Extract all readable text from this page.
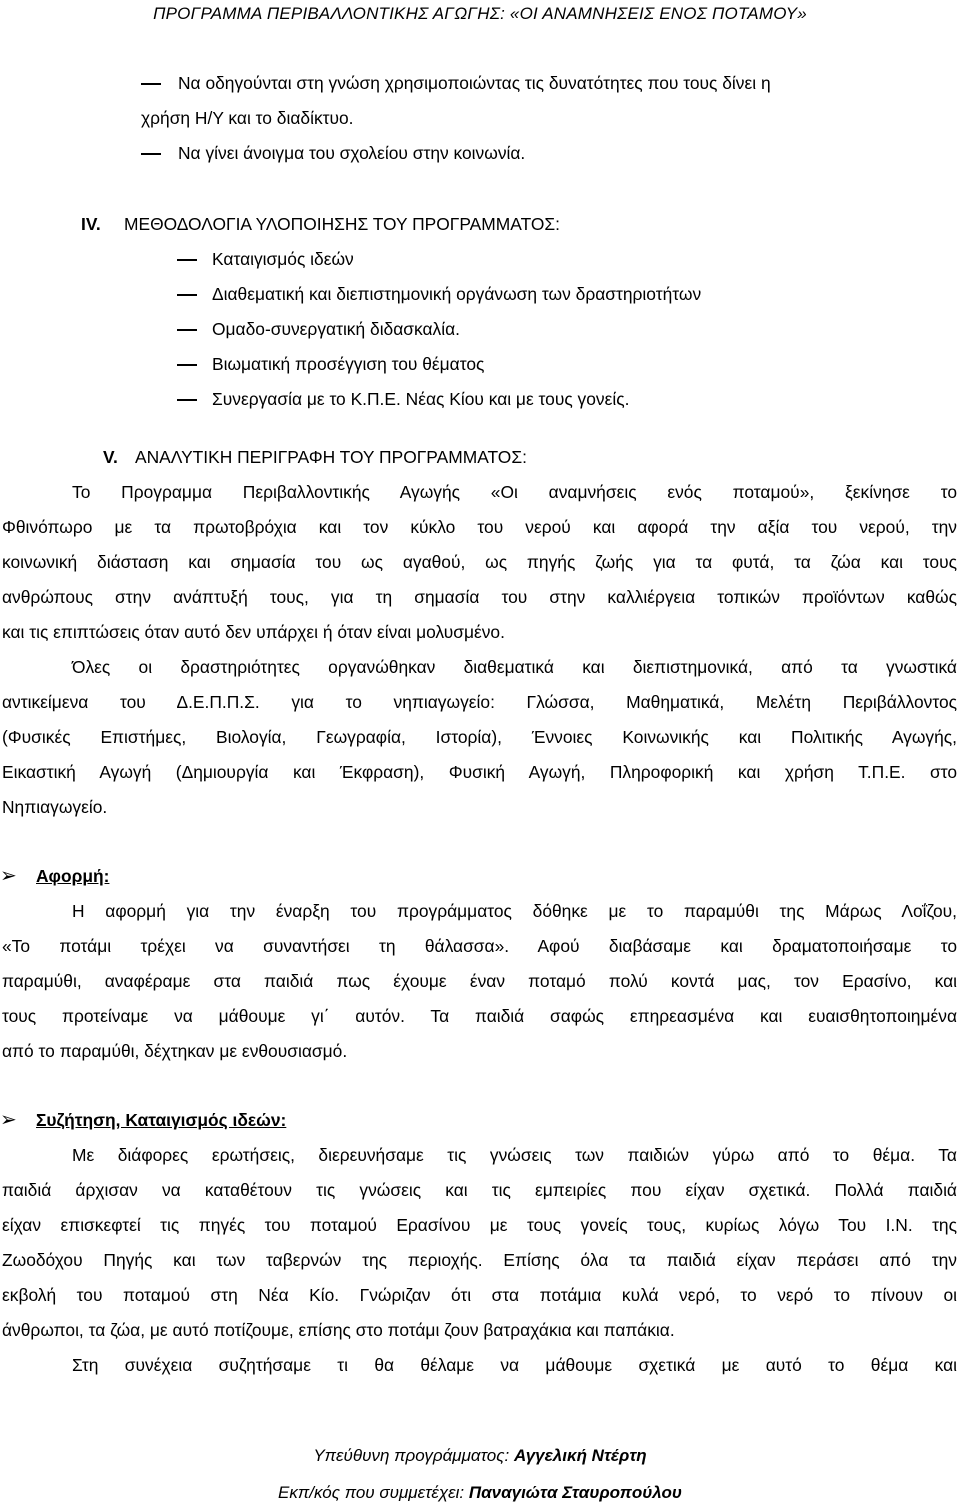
ΠΡΟΓΡΑΜΜΑ ΠΕΡΙΒΑΛΛΟΝΤΙΚΗΣ ΑΓΩΓΗΣ: «ΟΙ ΑΝΑΜΝΗΣΕΙΣ ΕΝΟΣ ΠΟΤΑΜΟΥ»
Να οδηγούνται στη γνώση χρησιμοποιώντας τις δυνατότητες που τους δίνει η
χρήση Η/Υ και το διαδίκτυο.
Να γίνει άνοιγμα του σχολείου στην κοινωνία.
IV. ΜΕΘΟΔΟΛΟΓΙΑ ΥΛΟΠΟΙΗΣΗΣ ΤΟΥ ΠΡΟΓΡΑΜΜΑΤΟΣ:
Καταιγισμός ιδεών
Διαθεματική και διεπιστημονική οργάνωση των δραστηριοτήτων
Ομαδο-συνεργατική διδασκαλία.
Βιωματική προσέγγιση του θέματος
Συνεργασία με το Κ.Π.Ε. Νέας Κίου και με τους γονείς.
V. ΑΝΑΛΥΤΙΚΗ ΠΕΡΙΓΡΑΦΗ ΤΟΥ ΠΡΟΓΡΑΜΜΑΤΟΣ:
Το Προγραμμα Περιβαλλοντικής Αγωγής «Οι αναμνήσεις ενός ποταμού», ξεκίνησε το
Φθινόπωρο με τα πρωτοβρόχια και τον κύκλο του νερού και αφορά την αξία του νερού, την
κοινωνική διάσταση και σημασία του ως αγαθού, ως πηγής ζωής για τα φυτά, τα ζώα και τους
ανθρώπους στην ανάπτυξή τους, για τη σημασία του στην καλλιέργεια τοπικών προϊόντων καθώς
και τις επιπτώσεις όταν αυτό δεν υπάρχει ή όταν είναι μολυσμένο.
Όλες οι δραστηριότητες οργανώθηκαν διαθεματικά και διεπιστημονικά, από τα γνωστικά
αντικείμενα του Δ.Ε.Π.Π.Σ. για το νηπιαγωγείο: Γλώσσα, Μαθηματικά, Μελέτη Περιβάλλοντος
(Φυσικές Επιστήμες, Βιολογία, Γεωγραφία, Ιστορία), Έννοιες Κοινωνικής και Πολιτικής Αγωγής,
Εικαστική Αγωγή (Δημιουργία και Έκφραση), Φυσική Αγωγή, Πληροφορική και χρήση Τ.Π.Ε. στο
Νηπιαγωγείο.
➢ Αφορμή:
Η αφορμή για την έναρξη του προγράμματος δόθηκε με το παραμύθι της Μάρως Λοΐζου,
«Το ποτάμι τρέχει να συναντήσει τη θάλασσα». Αφού διαβάσαμε και δραματοποιήσαμε το
παραμύθι, αναφέραμε στα παιδιά πως έχουμε έναν ποταμό πολύ κοντά μας, τον Ερασίνο, και
τους προτείναμε να μάθουμε γι΄ αυτόν. Τα παιδιά σαφώς επηρεασμένα και ευαισθητοποιημένα
από το παραμύθι, δέχτηκαν με ενθουσιασμό.
➢ Συζήτηση, Καταιγισμός ιδεών:
Με διάφορες ερωτήσεις, διερευνήσαμε τις γνώσεις των παιδιών γύρω από το θέμα. Τα
παιδιά άρχισαν να καταθέτουν τις γνώσεις και τις εμπειρίες που είχαν σχετικά. Πολλά παιδιά
είχαν επισκεφτεί τις πηγές του ποταμού Ερασίνου με τους γονείς τους, κυρίως λόγω Του Ι.Ν. της
Ζωοδόχου Πηγής και των ταβερνών της περιοχής. Επίσης όλα τα παιδιά είχαν περάσει από την
εκβολή του ποταμού στη Νέα Κίο. Γνώριζαν ότι στα ποτάμια κυλά νερό, το νερό το πίνουν οι
άνθρωποι, τα ζώα, με αυτό ποτίζουμε, επίσης στο ποτάμι ζουν βατραχάκια και παπάκια.
Στη συνέχεια συζητήσαμε τι θα θέλαμε να μάθουμε σχετικά με αυτό το θέμα και
Υπεύθυνη προγράμματος: Αγγελική Ντέρτη
Εκπ/κός που συμμετέχει: Παναγιώτα Σταυροπούλου
